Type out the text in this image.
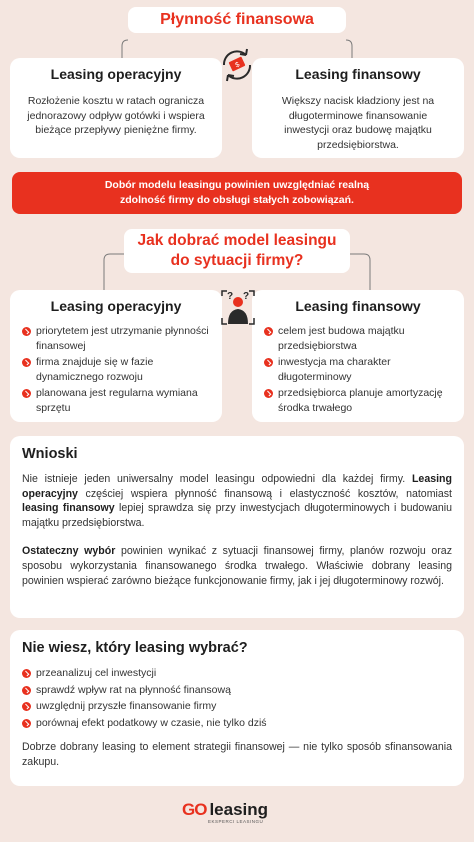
Płynność finansowa
Leasing operacyjny
Rozłożenie kosztu w ratach ogranicza jednorazowy odpływ gotówki i wspiera bieżące przepływy pieniężne firmy.
Leasing finansowy
Większy nacisk kładziony jest na długoterminowe finansowanie inwestycji oraz budowę majątku przedsiębiorstwa.
$
Dobór modelu leasingu powinien uwzględniać realną zdolność firmy do obsługi stałych zobowiązań.
Jak dobrać model leasingu
do sytuacji firmy?
Leasing operacyjny
priorytetem jest utrzymanie płynności finansowej
firma znajduje się w fazie dynamicznego rozwoju
planowana jest regularna wymiana sprzętu
Leasing finansowy
celem jest budowa majątku przedsiębiorstwa
inwestycja ma charakter długoterminowy
przedsiębiorca planuje amortyzację środka trwałego
? ?
Wnioski

Nie istnieje jeden uniwersalny model leasingu odpowiedni dla każdej firmy. Leasing operacyjny częściej wspiera płynność finansową i elastyczność kosztów, natomiast leasing finansowy lepiej sprawdza się przy inwestycjach długoterminowych i budowaniu majątku przedsiębiorstwa.

Ostateczny wybór powinien wynikać z sytuacji finansowej firmy, planów rozwoju oraz sposobu wykorzystania finansowanego środka trwałego. Właściwie dobrany leasing powinien wspierać zarówno bieżące funkcjonowanie firmy, jak i jej długoterminowy rozwój.

Nie wiesz, który leasing wybrać?
przeanalizuj cel inwestycji
sprawdź wpływ rat na płynność finansową
uwzględnij przyszłe finansowanie firmy
porównaj efekt podatkowy w czasie, nie tylko dziś

Dobrze dobrany leasing to element strategii finansowej — nie tylko sposób sfinansowania zakupu.

GO leasing
EKSPERCI LEASINGU
